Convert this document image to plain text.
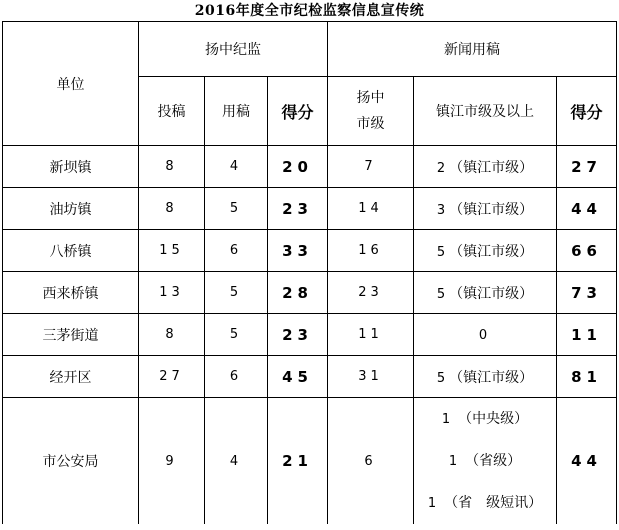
2016年度全市纪检监察信息宣传统
单位	扬中纪监			新闻用稿		
	投稿	用稿	得分	扬中
市级	镇江市级及以上	得分
新坝镇	8	4	20	7	2 （镇江市级）	27
油坊镇	8	5	23	14	3 （镇江市级）	44
八桥镇	15	6	33	16	5 （镇江市级）	66
西来桥镇	13	5	28	23	5 （镇江市级）	73
三茅街道	8	5	23	11	0	11
经开区	27	6	45	31	5 （镇江市级）	81
市公安局	9	4	21	6	1 （中央级）
1 （省级）
1 （省　级短讯）	44
